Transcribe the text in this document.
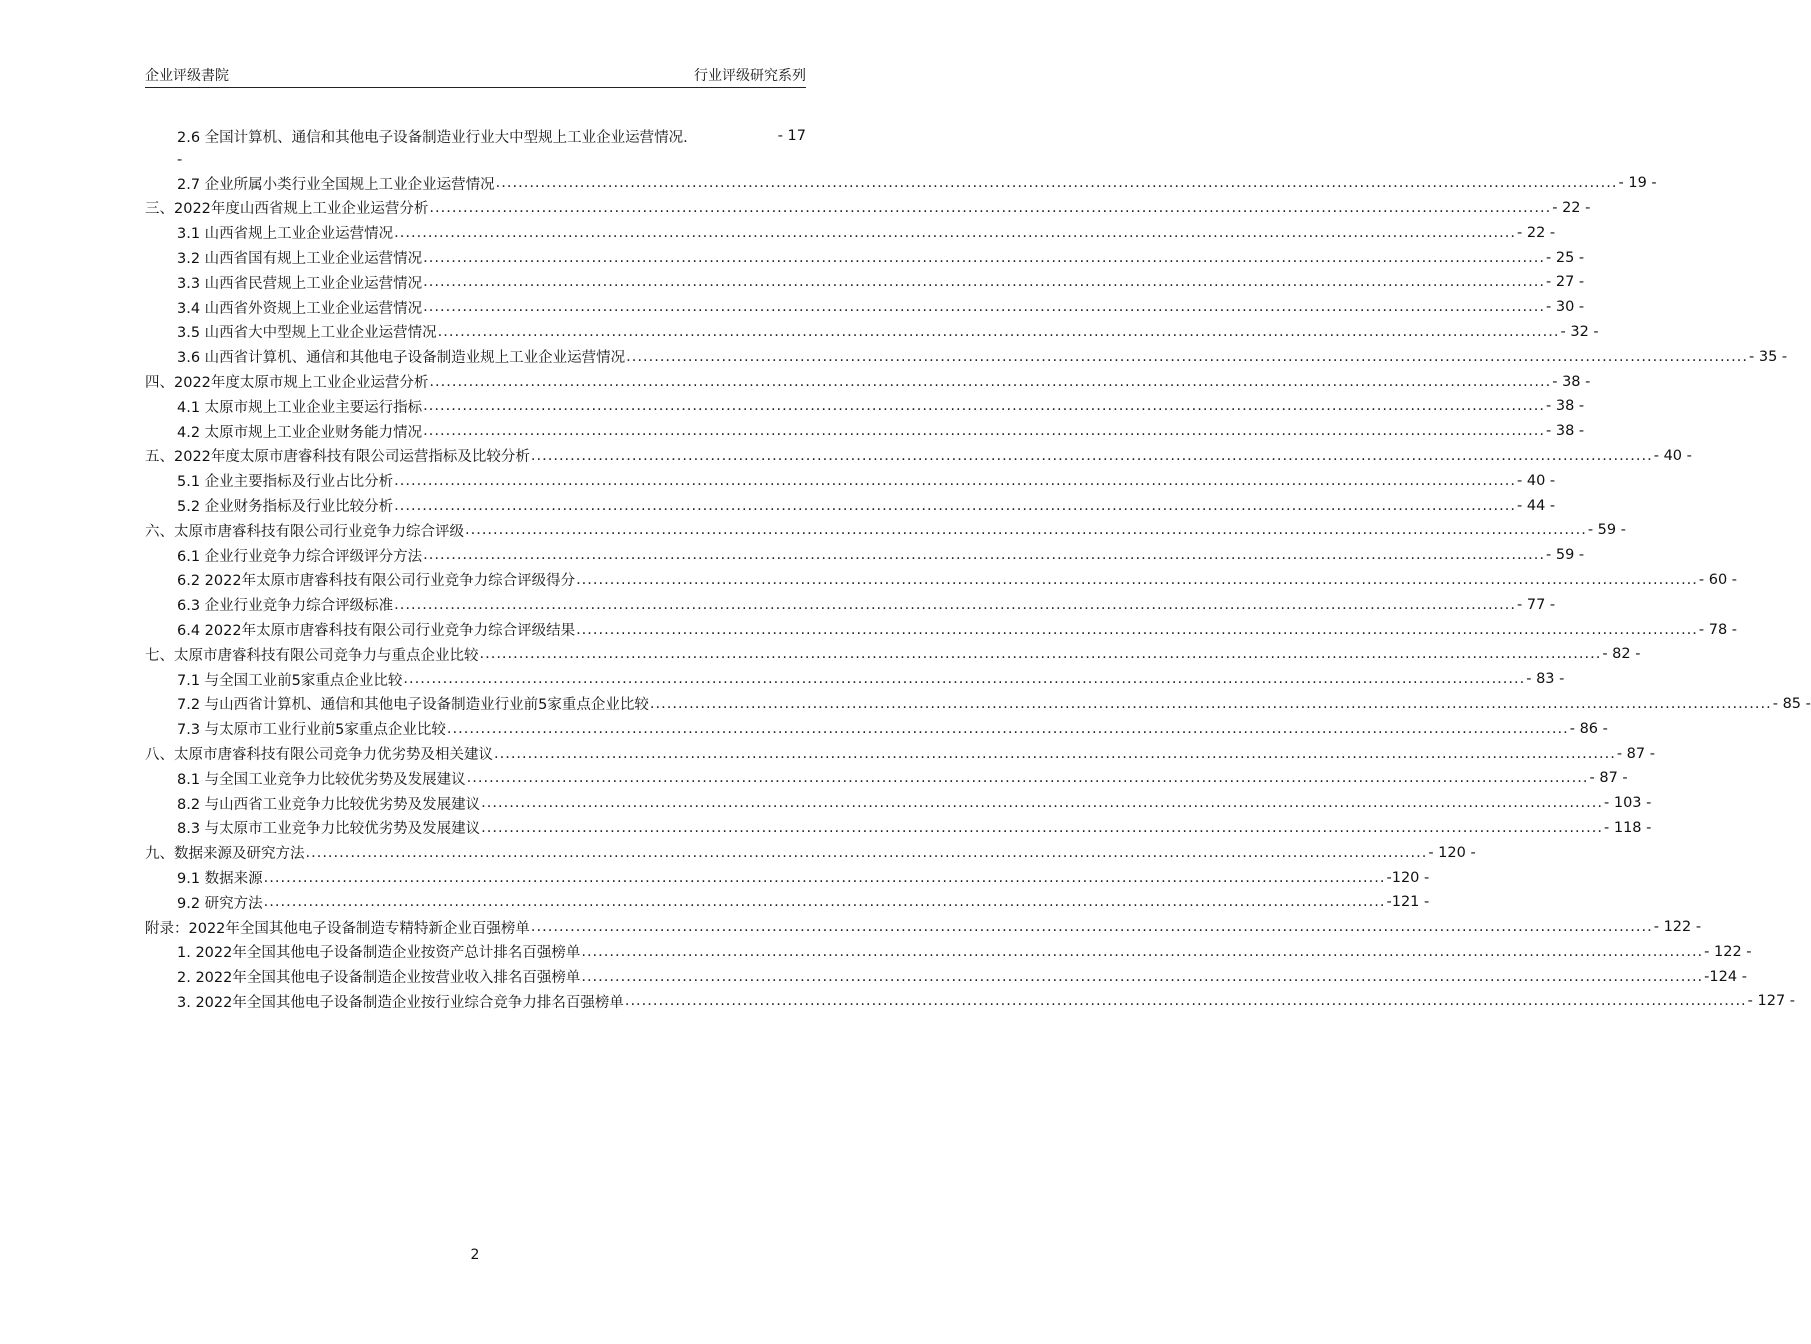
企业评级書院	行业评级研究系列
2.6 全国计算机、通信和其他电子设备制造业行业大中型规上工业企业运营情况.	- 17
-
2.7 企业所属小类行业全国规上工业企业运营情况 ........................................................................................................................................................................................................ - 19 -
三、2022年度山西省规上工业企业运营分析 ........................................................................................................................................................................................................ - 22 -
3.1 山西省规上工业企业运营情况 ........................................................................................................................................................................................................ - 22 -
3.2 山西省国有规上工业企业运营情况 ........................................................................................................................................................................................................ - 25 -
3.3 山西省民营规上工业企业运营情况 ........................................................................................................................................................................................................ - 27 -
3.4 山西省外资规上工业企业运营情况 ........................................................................................................................................................................................................ - 30 -
3.5 山西省大中型规上工业企业运营情况 ........................................................................................................................................................................................................ - 32 -
3.6 山西省计算机、通信和其他电子设备制造业规上工业企业运营情况 ........................................................................................................................................................................................................ - 35 -
四、2022年度太原市规上工业企业运营分析 ........................................................................................................................................................................................................ - 38 -
4.1 太原市规上工业企业主要运行指标 ........................................................................................................................................................................................................ - 38 -
4.2 太原市规上工业企业财务能力情况 ........................................................................................................................................................................................................ - 38 -
五、2022年度太原市唐睿科技有限公司运营指标及比较分析 ........................................................................................................................................................................................................ - 40 -
5.1 企业主要指标及行业占比分析 ........................................................................................................................................................................................................ - 40 -
5.2 企业财务指标及行业比较分析 ........................................................................................................................................................................................................ - 44 -
六、太原市唐睿科技有限公司行业竞争力综合评级 ........................................................................................................................................................................................................ - 59 -
6.1 企业行业竞争力综合评级评分方法 ........................................................................................................................................................................................................ - 59 -
6.2 2022年太原市唐睿科技有限公司行业竞争力综合评级得分 ........................................................................................................................................................................................................ - 60 -
6.3 企业行业竞争力综合评级标准 ........................................................................................................................................................................................................ - 77 -
6.4 2022年太原市唐睿科技有限公司行业竞争力综合评级结果 ........................................................................................................................................................................................................ - 78 -
七、太原市唐睿科技有限公司竞争力与重点企业比较 ........................................................................................................................................................................................................ - 82 -
7.1 与全国工业前5家重点企业比较 ........................................................................................................................................................................................................ - 83 -
7.2 与山西省计算机、通信和其他电子设备制造业行业前5家重点企业比较 ........................................................................................................................................................................................................ - 85 -
7.3 与太原市工业行业前5家重点企业比较 ........................................................................................................................................................................................................ - 86 -
八、太原市唐睿科技有限公司竞争力优劣势及相关建议 ........................................................................................................................................................................................................ - 87 -
8.1 与全国工业竞争力比较优劣势及发展建议 ........................................................................................................................................................................................................ - 87 -
8.2 与山西省工业竞争力比较优劣势及发展建议 ........................................................................................................................................................................................................ - 103 -
8.3 与太原市工业竞争力比较优劣势及发展建议 ........................................................................................................................................................................................................ - 118 -
九、数据来源及研究方法 ........................................................................................................................................................................................................ - 120 -
9.1 数据来源 ........................................................................................................................................................................................................ -120 -
9.2 研究方法 ........................................................................................................................................................................................................ -121 -
附录：2022年全国其他电子设备制造专精特新企业百强榜单 ........................................................................................................................................................................................................ - 122 -
1. 2022年全国其他电子设备制造企业按资产总计排名百强榜单 ........................................................................................................................................................................................................ - 122 -
2. 2022年全国其他电子设备制造企业按营业收入排名百强榜单 ........................................................................................................................................................................................................ -124 -
3. 2022年全国其他电子设备制造企业按行业综合竞争力排名百强榜单 ........................................................................................................................................................................................................ - 127 -
2
